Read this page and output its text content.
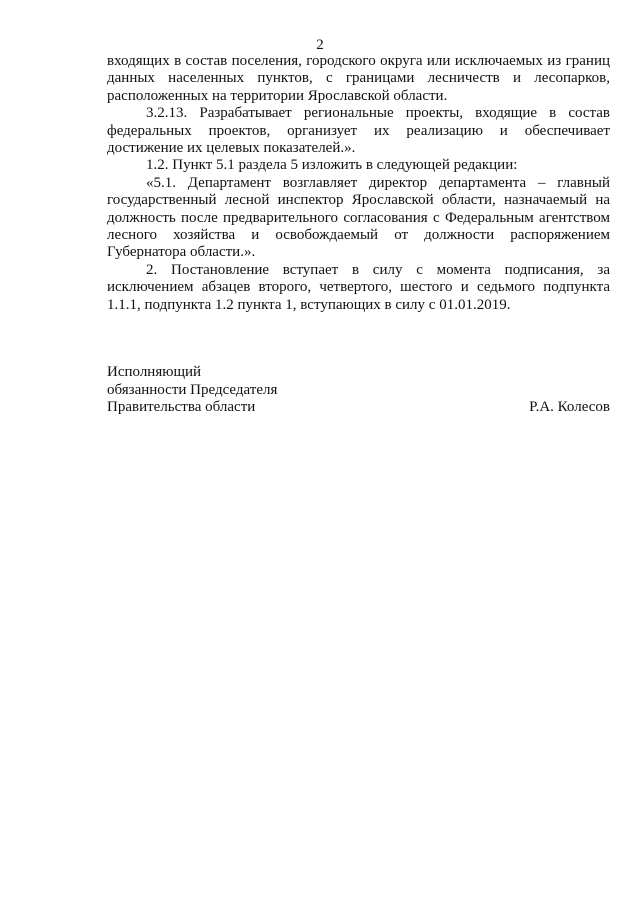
2

входящих в состав поселения, городского округа или исключаемых из границ данных населенных пунктов, с границами лесничеств и лесопарков, расположенных на территории Ярославской области.

3.2.13. Разрабатывает региональные проекты, входящие в состав федеральных проектов, организует их реализацию и обеспечивает достижение их целевых показателей.».

1.2. Пункт 5.1 раздела 5 изложить в следующей редакции:

«5.1. Департамент возглавляет директор департамента – главный государственный лесной инспектор Ярославской области, назначаемый на должность после предварительного согласования с Федеральным агентством лесного хозяйства и освобождаемый от должности распоряжением Губернатора области.».

2. Постановление вступает в силу с момента подписания, за исключением абзацев второго, четвертого, шестого и седьмого подпункта 1.1.1, подпункта 1.2 пункта 1, вступающих в силу с 01.01.2019.

Исполняющий
обязанности Председателя
Правительства области	Р.А. Колесов
